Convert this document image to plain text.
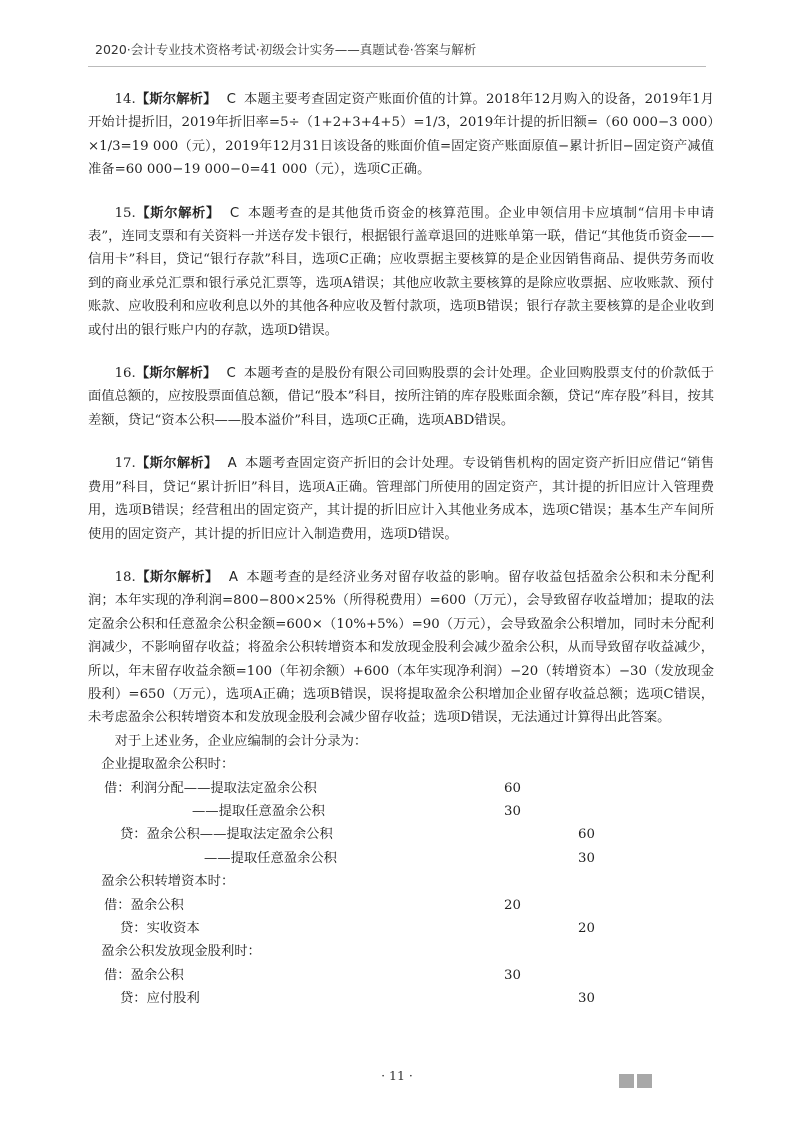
2020·会计专业技术资格考试·初级会计实务——真题试卷·答案与解析

14.【斯尔解析】 C 本题主要考查固定资产账面价值的计算。2018年12月购入的设备，2019年1月开始计提折旧，2019年折旧率=5÷（1+2+3+4+5）=1/3，2019年计提的折旧额=（60 000−3 000）×1/3=19 000（元），2019年12月31日该设备的账面价值=固定资产账面原值−累计折旧−固定资产减值准备=60 000−19 000−0=41 000（元），选项C正确。

15.【斯尔解析】 C 本题考查的是其他货币资金的核算范围。企业申领信用卡应填制“信用卡申请表”，连同支票和有关资料一并送存发卡银行，根据银行盖章退回的进账单第一联，借记“其他货币资金——信用卡”科目，贷记“银行存款”科目，选项C正确；应收票据主要核算的是企业因销售商品、提供劳务而收到的商业承兑汇票和银行承兑汇票等，选项A错误；其他应收款主要核算的是除应收票据、应收账款、预付账款、应收股利和应收利息以外的其他各种应收及暂付款项，选项B错误；银行存款主要核算的是企业收到或付出的银行账户内的存款，选项D错误。

16.【斯尔解析】 C 本题考查的是股份有限公司回购股票的会计处理。企业回购股票支付的价款低于面值总额的，应按股票面值总额，借记“股本”科目，按所注销的库存股账面余额，贷记“库存股”科目，按其差额，贷记“资本公积——股本溢价”科目，选项C正确，选项ABD错误。

17.【斯尔解析】 A 本题考查固定资产折旧的会计处理。专设销售机构的固定资产折旧应借记“销售费用”科目，贷记“累计折旧”科目，选项A正确。管理部门所使用的固定资产，其计提的折旧应计入管理费用，选项B错误；经营租出的固定资产，其计提的折旧应计入其他业务成本，选项C错误；基本生产车间所使用的固定资产，其计提的折旧应计入制造费用，选项D错误。

18.【斯尔解析】 A 本题考查的是经济业务对留存收益的影响。留存收益包括盈余公积和未分配利润；本年实现的净利润=800−800×25%（所得税费用）=600（万元），会导致留存收益增加；提取的法定盈余公积和任意盈余公积金额=600×（10%+5%）=90（万元），会导致盈余公积增加，同时未分配利润减少，不影响留存收益；将盈余公积转增资本和发放现金股利会减少盈余公积，从而导致留存收益减少，所以，年末留存收益余额=100（年初余额）+600（本年实现净利润）−20（转增资本）−30（发放现金股利）=650（万元），选项A正确；选项B错误，误将提取盈余公积增加企业留存收益总额；选项C错误，未考虑盈余公积转增资本和发放现金股利会减少留存收益；选项D错误，无法通过计算得出此答案。

对于上述业务，企业应编制的会计分录为：
企业提取盈余公积时：
借：利润分配——提取法定盈余公积	60
——提取任意盈余公积	30
贷：盈余公积——提取法定盈余公积	60
——提取任意盈余公积	30
盈余公积转增资本时：
借：盈余公积	20
贷：实收资本	20
盈余公积发放现金股利时：
借：盈余公积	30
贷：应付股利	30
· 11 ·
